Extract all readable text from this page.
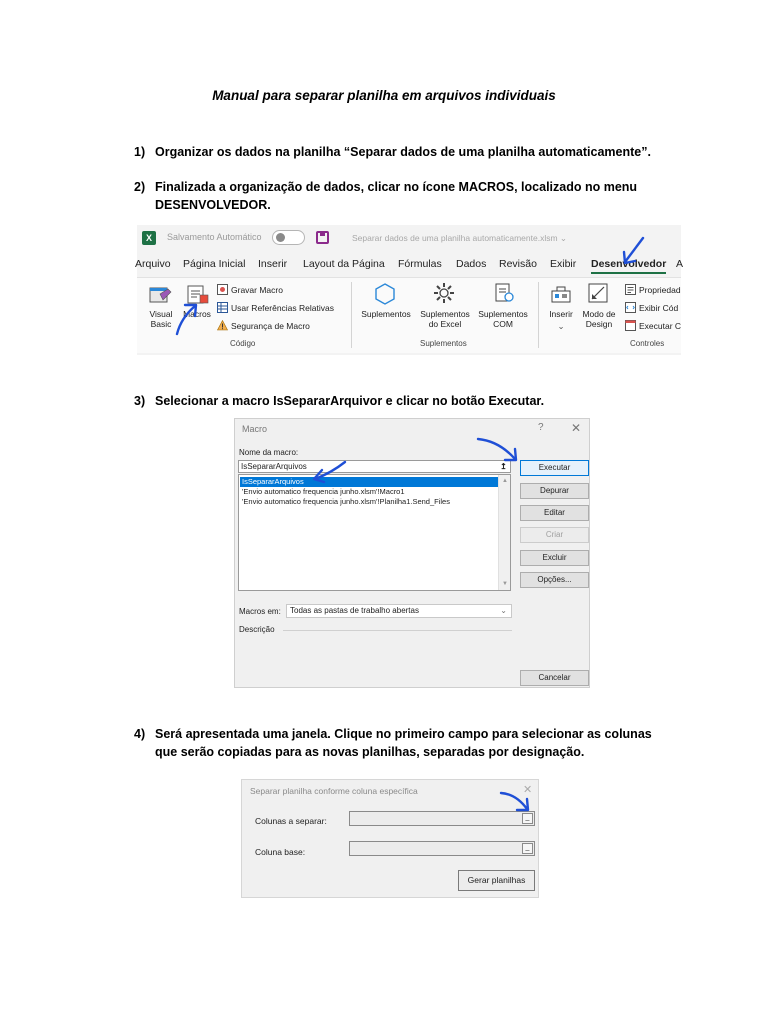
Manual para separar planilha em arquivos individuais
1) Organizar os dados na planilha “Separar dados de uma planilha automaticamente”.
2) Finalizada a organização de dados, clicar no ícone MACROS, localizado no menu DESENVOLVEDOR.
X	Salvamento Automático	Separar dados de uma planilha automaticamente.xlsm ⌄
Arquivo Página Inicial Inserir Layout da Página Fórmulas Dados Revisão Exibir Desenvolvedor A
Visual
Basic
Macros
Gravar Macro
Usar Referências Relativas
Segurança de Macro
Código
Suplementos	Suplementos
do Excel
Suplementos
COM
Suplementos
Inserir
⌄
Modo de
Design
Propriedad
Exibir Cód
Executar C
Controles
3) Selecionar a macro IsSepararArquivor e clicar no botão Executar.
Macro	? ✕
Nome da macro:
IsSepararArquivos	↥
IsSepararArquivos
'Envio automatico frequencia junho.xlsm'!Macro1
'Envio automatico frequencia junho.xlsm'!Planilha1.Send_Files
▲
▼
Executar
Depurar
Editar
Criar
Excluir
Opções...
Cancelar
Macros em:	Todas as pastas de trabalho abertas	⌄
Descrição
4) Será apresentada uma janela. Clique no primeiro campo para selecionar as colunas que serão copiadas para as novas planilhas, separadas por designação.
Separar planilha conforme coluna específica	✕
Colunas a separar:	_
Coluna base:	_
Gerar planilhas
